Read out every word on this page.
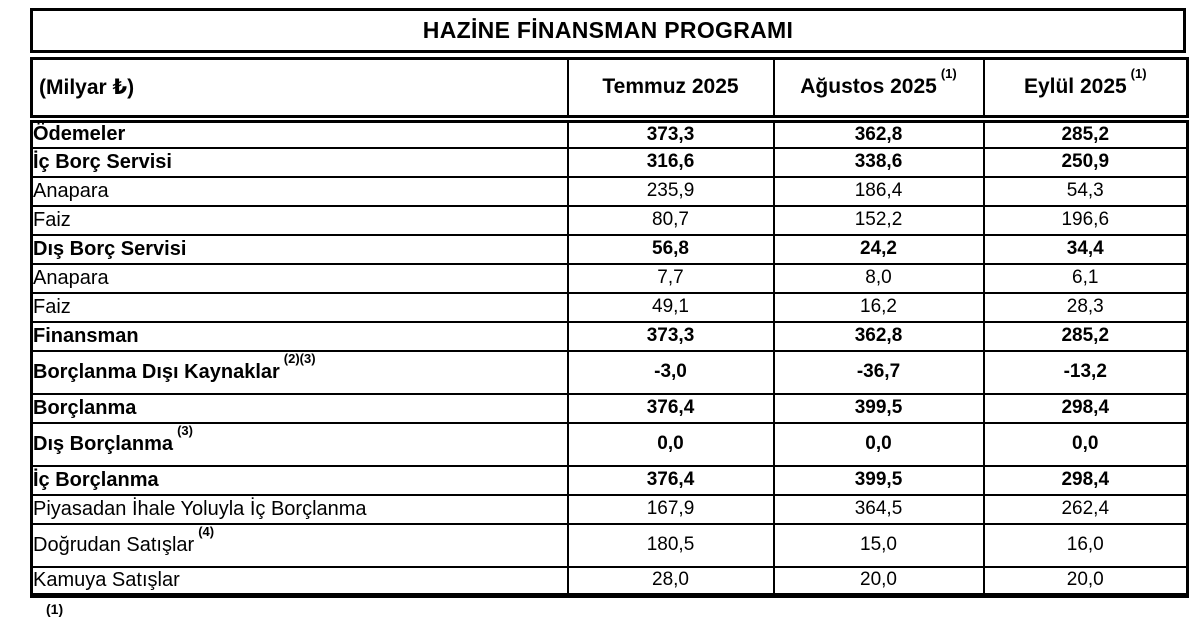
HAZİNE FİNANSMAN PROGRAMI
(Milyar ₺)	Temmuz 2025	Ağustos 2025$^{(1)}$	Eylül 2025$^{(1)}$
Ödemeler	373,3	362,8	285,2
İç Borç Servisi	316,6	338,6	250,9
Anapara	235,9	186,4	54,3
Faiz	80,7	152,2	196,6
Dış Borç Servisi	56,8	24,2	34,4
Anapara	7,7	8,0	6,1
Faiz	49,1	16,2	28,3
Finansman	373,3	362,8	285,2
Borçlanma Dışı Kaynaklar$^{(2)(3)}$	-3,0	-36,7	-13,2
Borçlanma	376,4	399,5	298,4
Dış Borçlanma$^{(3)}$	0,0	0,0	0,0
İç Borçlanma	376,4	399,5	298,4
Piyasadan İhale Yoluyla İç Borçlanma	167,9	364,5	262,4
Doğrudan Satışlar$^{(4)}$	180,5	15,0	16,0
Kamuya Satışlar	28,0	20,0	20,0
(1)
